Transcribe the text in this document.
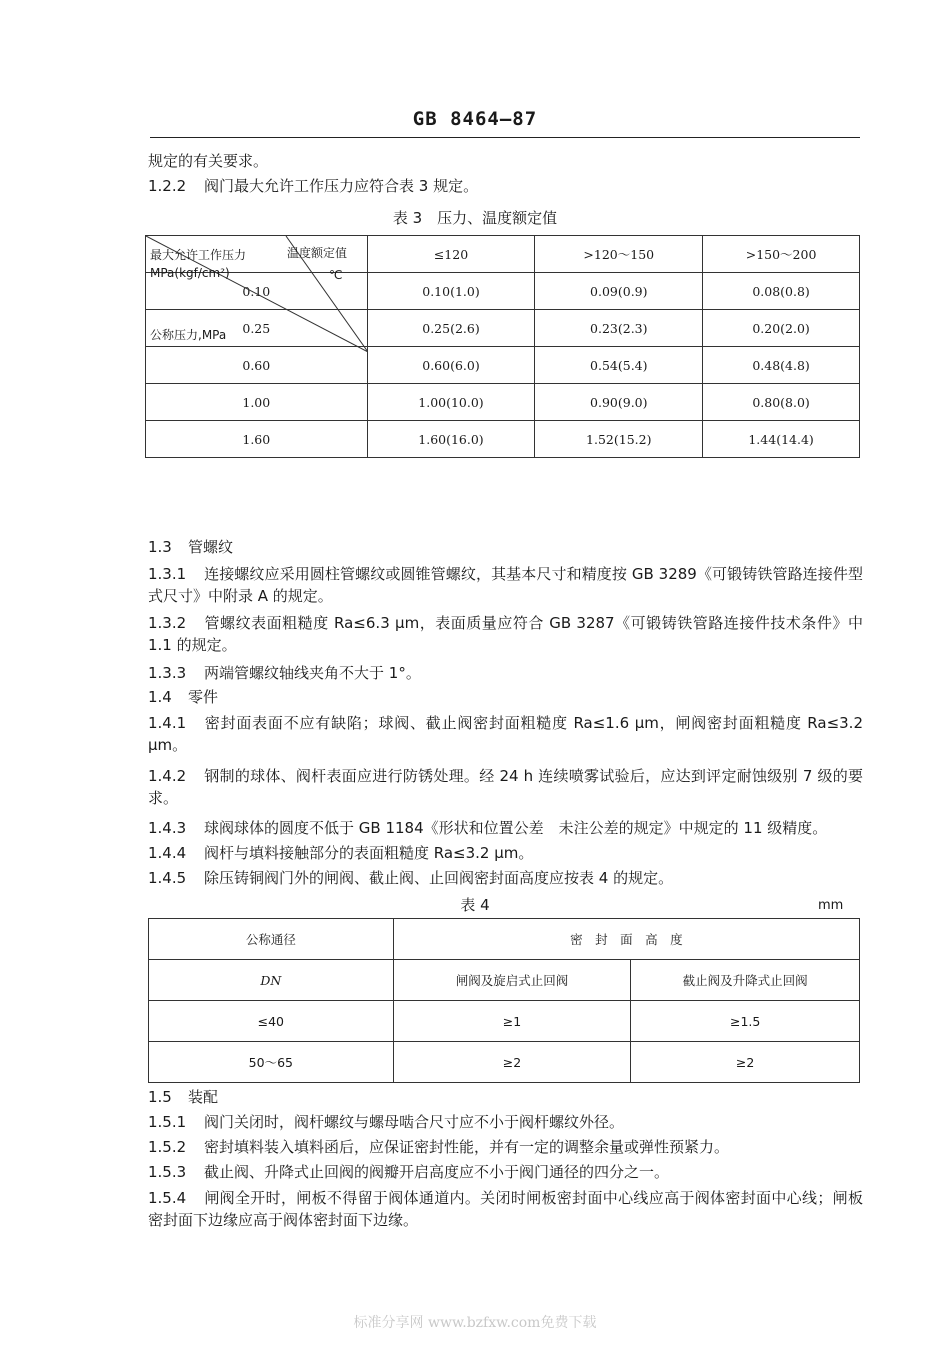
GB 8464—87
规定的有关要求。
1.2.2 阀门最大允许工作压力应符合表 3 规定。
表 3　压力、温度额定值
最大允许工作压力
MPa(kgf/cm²)
温度额定值
℃
公称压力,MPa	≤120	>120～150	>150～200
0.10	0.10(1.0)	0.09(0.9)	0.08(0.8)
0.25	0.25(2.6)	0.23(2.3)	0.20(2.0)
0.60	0.60(6.0)	0.54(5.4)	0.48(4.8)
1.00	1.00(10.0)	0.90(9.0)	0.80(8.0)
1.60	1.60(16.0)	1.52(15.2)	1.44(14.4)
1.3 管螺纹
1.3.1 连接螺纹应采用圆柱管螺纹或圆锥管螺纹，其基本尺寸和精度按 GB 3289《可锻铸铁管路连接件型式尺寸》中附录 A 的规定。
1.3.2 管螺纹表面粗糙度 Ra≤6.3 μm，表面质量应符合 GB 3287《可锻铸铁管路连接件技术条件》中 1.1 的规定。
1.3.3 两端管螺纹轴线夹角不大于 1°。
1.4 零件
1.4.1 密封面表面不应有缺陷；球阀、截止阀密封面粗糙度 Ra≤1.6 μm，闸阀密封面粗糙度 Ra≤3.2 μm。
1.4.2 钢制的球体、阀杆表面应进行防锈处理。经 24 h 连续喷雾试验后，应达到评定耐蚀级别 7 级的要求。
1.4.3 球阀球体的圆度不低于 GB 1184《形状和位置公差　未注公差的规定》中规定的 11 级精度。
1.4.4 阀杆与填料接触部分的表面粗糙度 Ra≤3.2 μm。
1.4.5 除压铸铜阀门外的闸阀、截止阀、止回阀密封面高度应按表 4 的规定。
表 4	mm
公称通径	密　封　面　高　度	
DN	闸阀及旋启式止回阀	截止阀及升降式止回阀
≤40	≥1	≥1.5
50～65	≥2	≥2
1.5 装配
1.5.1 阀门关闭时，阀杆螺纹与螺母啮合尺寸应不小于阀杆螺纹外径。
1.5.2 密封填料装入填料函后，应保证密封性能，并有一定的调整余量或弹性预紧力。
1.5.3 截止阀、升降式止回阀的阀瓣开启高度应不小于阀门通径的四分之一。
1.5.4 闸阀全开时，闸板不得留于阀体通道内。关闭时闸板密封面中心线应高于阀体密封面中心线；闸板密封面下边缘应高于阀体密封面下边缘。
标准分享网 www.bzfxw.com免费下载
